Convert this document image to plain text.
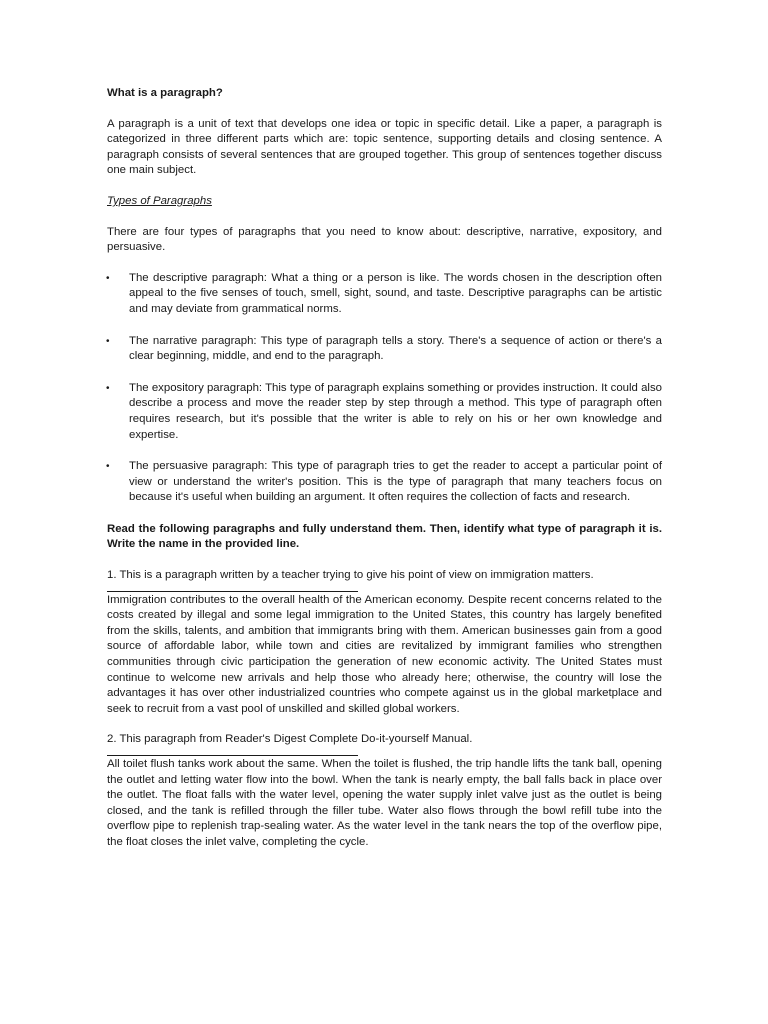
What is a paragraph?
A paragraph is a unit of text that develops one idea or topic in specific detail. Like a paper, a paragraph is categorized in three different parts which are: topic sentence, supporting details and closing sentence. A paragraph consists of several sentences that are grouped together. This group of sentences together discuss one main subject.
Types of Paragraphs
There are four types of paragraphs that you need to know about: descriptive, narrative, expository, and persuasive.
• The descriptive paragraph: What a thing or a person is like. The words chosen in the description often appeal to the five senses of touch, smell, sight, sound, and taste. Descriptive paragraphs can be artistic and may deviate from grammatical norms.
• The narrative paragraph: This type of paragraph tells a story. There's a sequence of action or there's a clear beginning, middle, and end to the paragraph.
• The expository paragraph: This type of paragraph explains something or provides instruction. It could also describe a process and move the reader step by step through a method. This type of paragraph often requires research, but it's possible that the writer is able to rely on his or her own knowledge and expertise.
• The persuasive paragraph: This type of paragraph tries to get the reader to accept a particular point of view or understand the writer's position. This is the type of paragraph that many teachers focus on because it's useful when building an argument. It often requires the collection of facts and research.
Read the following paragraphs and fully understand them. Then, identify what type of paragraph it is. Write the name in the provided line.
1. This is a paragraph written by a teacher trying to give his point of view on immigration matters.
Immigration contributes to the overall health of the American economy. Despite recent concerns related to the costs created by illegal and some legal immigration to the United States, this country has largely benefited from the skills, talents, and ambition that immigrants bring with them. American businesses gain from a good source of affordable labor, while town and cities are revitalized by immigrant families who strengthen communities through civic participation the generation of new economic activity. The United States must continue to welcome new arrivals and help those who already here; otherwise, the country will lose the advantages it has over other industrialized countries who compete against us in the global marketplace and seek to recruit from a vast pool of unskilled and skilled global workers.
2. This paragraph from Reader's Digest Complete Do-it-yourself Manual.
All toilet flush tanks work about the same. When the toilet is flushed, the trip handle lifts the tank ball, opening the outlet and letting water flow into the bowl. When the tank is nearly empty, the ball falls back in place over the outlet. The float falls with the water level, opening the water supply inlet valve just as the outlet is being closed, and the tank is refilled through the filler tube. Water also flows through the bowl refill tube into the overflow pipe to replenish trap-sealing water. As the water level in the tank nears the top of the overflow pipe, the float closes the inlet valve, completing the cycle.
